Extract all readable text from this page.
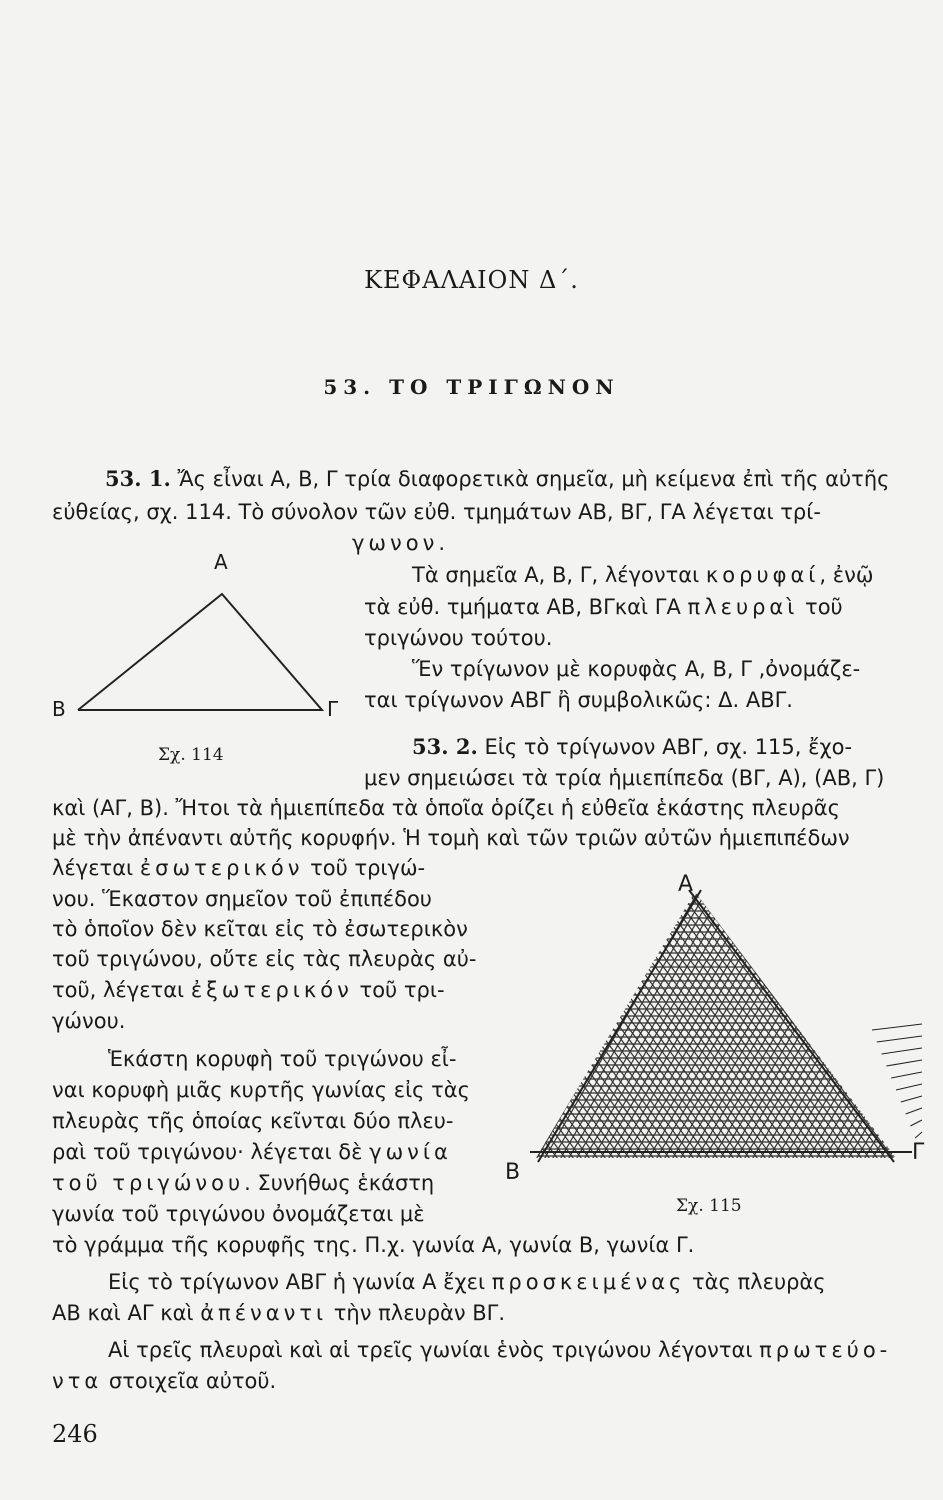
ΚΕΦΑΛΑΙΟΝ Δ΄.
53. ΤΟ ΤΡΙΓΩΝΟΝ
53. 1. Ἄς εἶναι Α, Β, Γ τρία διαφορετικὰ σημεῖα, μὴ κείμενα ἐπὶ τῆς αὐτῆς
εὐθείας, σχ. 114. Τὸ σύνολον τῶν εὐθ. τμημάτων ΑΒ, ΒΓ, ΓΑ λέγεται τρί-
γωνον.
Τὰ σημεῖα Α, Β, Γ, λέγονται κορυφαί, ἐνῷ
τὰ εὐθ. τμήματα ΑΒ, ΒΓκαὶ ΓΑ πλευραὶ τοῦ
τριγώνου τούτου.
Ἕν τρίγωνον μὲ κορυφὰς Α, Β, Γ ,ὀνομάζε-
ται τρίγωνον ΑΒΓ ἢ συμβολικῶς: Δ. ΑΒΓ.
Α
Β	Γ
Σχ. 114	53. 2. Εἰς τὸ τρίγωνον ΑΒΓ, σχ. 115, ἔχο-
μεν σημειώσει τὰ τρία ἡμιεπίπεδα (ΒΓ, Α), (ΑΒ, Γ)
καὶ (ΑΓ, Β). Ἤτοι τὰ ἡμιεπίπεδα τὰ ὁποῖα ὁρίζει ἡ εὐθεῖα ἑκάστης πλευρᾶς
μὲ τὴν ἀπέναντι αὐτῆς κορυφήν. Ἡ τομὴ καὶ τῶν τριῶν αὐτῶν ἡμιεπιπέδων
λέγεται ἐσωτερικόν τοῦ τριγώ-
νου. Ἕκαστον σημεῖον τοῦ ἐπιπέδου
τὸ ὁποῖον δὲν κεῖται εἰς τὸ ἐσωτερικὸν
τοῦ τριγώνου, οὔτε εἰς τὰς πλευρὰς αὐ-
τοῦ, λέγεται ἐξωτερικόν τοῦ τρι-
γώνου.
Ἑκάστη κορυφὴ τοῦ τριγώνου εἶ-
ναι κορυφὴ μιᾶς κυρτῆς γωνίας εἰς τὰς
πλευρὰς τῆς ὁποίας κεῖνται δύο πλευ-
ραὶ τοῦ τριγώνου· λέγεται δὲ γωνία
τοῦ τριγώνου. Συνήθως ἑκάστη
γωνία τοῦ τριγώνου ὀνομάζεται μὲ
τὸ γράμμα τῆς κορυφῆς της. Π.χ. γωνία Α, γωνία Β, γωνία Γ.
Εἰς τὸ τρίγωνον ΑΒΓ ἡ γωνία Α ἔχει προσκειμένας τὰς πλευρὰς
ΑΒ καὶ ΑΓ καὶ ἀπέναντι τὴν πλευρὰν ΒΓ.
Αἱ τρεῖς πλευραὶ καὶ αἱ τρεῖς γωνίαι ἑνὸς τριγώνου λέγονται πρωτεύο-
ντα στοιχεῖα αὐτοῦ.
Α
Β
Γ
Σχ. 115
246
